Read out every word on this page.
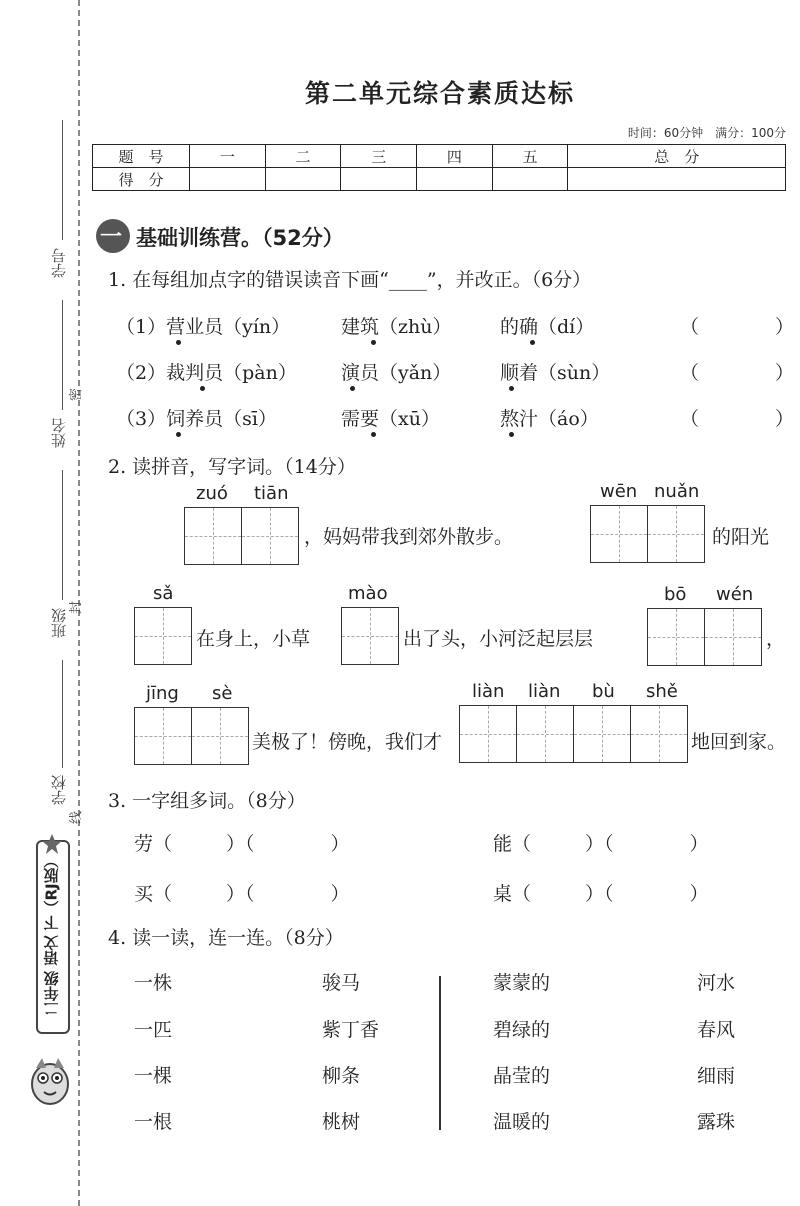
学号
姓名
班级
学校
密
封
线
二年级 语文 下（RJ版）
第二单元综合素质达标
时间：60分钟　满分：100分
题　号	一	二	三	四	五	总　分
得　分						
一 基础训练营。（52分）
1. 在每组加点字的错误读音下画“____”，并改正。（6分）
（1）营业员（yín）	建筑（zhù）	的确（dí）	（　　　　）
（2）裁判员（pàn） 演员（yǎn）	顺着（sùn）	（　　　　）
（3）饲养员（sī）	需要（xū）	熬汁（áo）	（　　　　）
2. 读拼音，写字词。（14分）
zuó tiān
，妈妈带我到郊外散步。
wēn nuǎn
的阳光
sǎ
在身上，小草
mào
出了头，小河泛起层层
bō wén
，
jīng sè
美极了！傍晚，我们才
liàn liàn bù shě
地回到家。
3. 一字组多词。（8分）
劳（ 　　）（　　　　）	能（ 　　）（　　　　）
买（ 　　）（　　　　）	桌（ 　　）（　　　　）
4. 读一读，连一连。（8分）
一株
一匹
一棵
一根
骏马
紫丁香
柳条
桃树
蒙蒙的
碧绿的
晶莹的
温暖的
河水
春风
细雨
露珠
